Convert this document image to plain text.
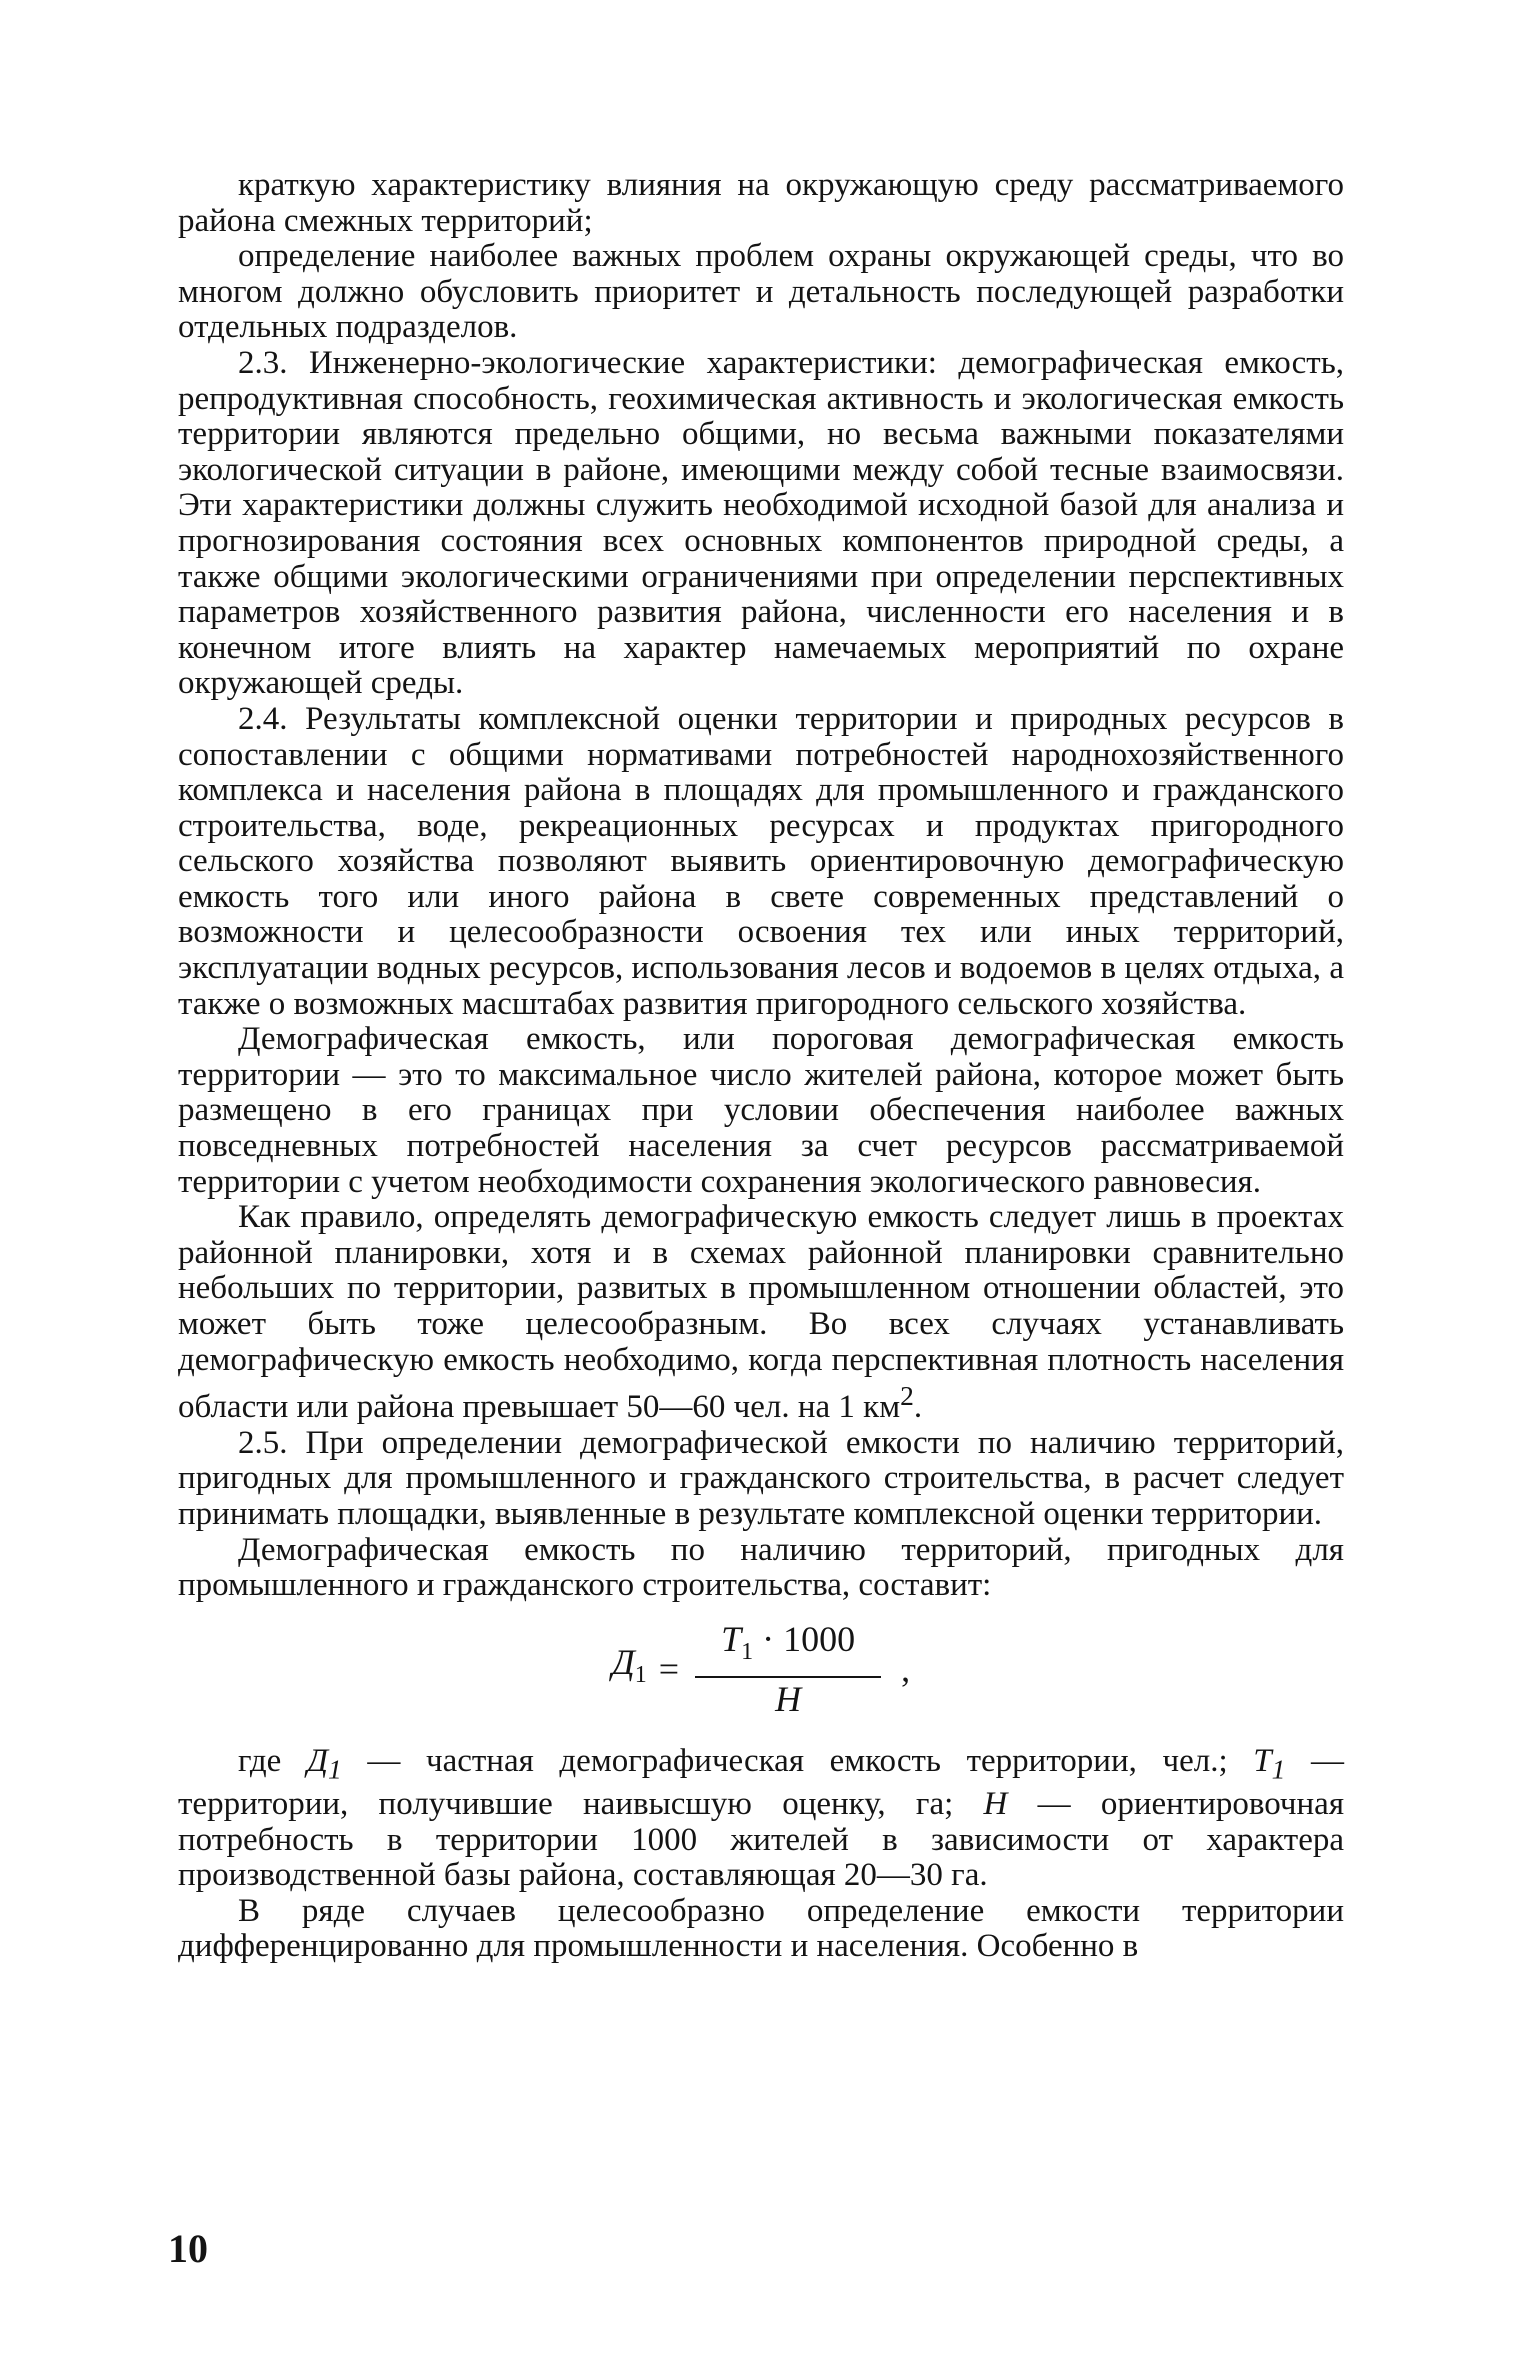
краткую характеристику влияния на окружающую среду рассматриваемого района смежных территорий;

определение наиболее важных проблем охраны окружающей среды, что во многом должно обусловить приоритет и детальность последующей разработки отдельных подразделов.

2.3. Инженерно-экологические характеристики: демографическая емкость, репродуктивная способность, геохимическая активность и экологическая емкость территории являются предельно общими, но весьма важными показателями экологической ситуации в районе, имеющими между собой тесные взаимосвязи. Эти характеристики должны служить необходимой исходной базой для анализа и прогнозирования состояния всех основных компонентов природной среды, а также общими экологическими ограничениями при определении перспективных параметров хозяйственного развития района, численности его населения и в конечном итоге влиять на характер намечаемых мероприятий по охране окружающей среды.

2.4. Результаты комплексной оценки территории и природных ресурсов в сопоставлении с общими нормативами потребностей народнохозяйственного комплекса и населения района в площадях для промышленного и гражданского строительства, воде, рекреационных ресурсах и продуктах пригородного сельского хозяйства позволяют выявить ориентировочную демографическую емкость того или иного района в свете современных представлений о возможности и целесообразности освоения тех или иных территорий, эксплуатации водных ресурсов, использования лесов и водоемов в целях отдыха, а также о возможных масштабах развития пригородного сельского хозяйства.

Демографическая емкость, или пороговая демографическая емкость территории — это то максимальное число жителей района, которое может быть размещено в его границах при условии обеспечения наиболее важных повседневных потребностей населения за счет ресурсов рассматриваемой территории с учетом необходимости сохранения экологического равновесия.

Как правило, определять демографическую емкость следует лишь в проектах районной планировки, хотя и в схемах районной планировки сравнительно небольших по территории, развитых в промышленном отношении областей, это может быть тоже целесообразным. Во всех случаях устанавливать демографическую емкость необходимо, когда перспективная плотность населения области или района превышает 50—60 чел. на 1 $км^2$.

2.5. При определении демографической емкости по наличию территорий, пригодных для промышленного и гражданского строительства, в расчет следует принимать площадки, выявленные в результате комплексной оценки территории.

Демографическая емкость по наличию территорий, пригодных для промышленного и гражданского строительства, составит:

$Д_1 = \frac{T_1 \cdot 1000}{H}$ ,

где $Д_1$ — частная демографическая емкость территории, чел.; $T_1$ — территории, получившие наивысшую оценку, га; H — ориентировочная потребность в территории 1000 жителей в зависимости от характера производственной базы района, составляющая 20—30 га.

В ряде случаев целесообразно определение емкости территории дифференцированно для промышленности и населения. Особенно в

10
